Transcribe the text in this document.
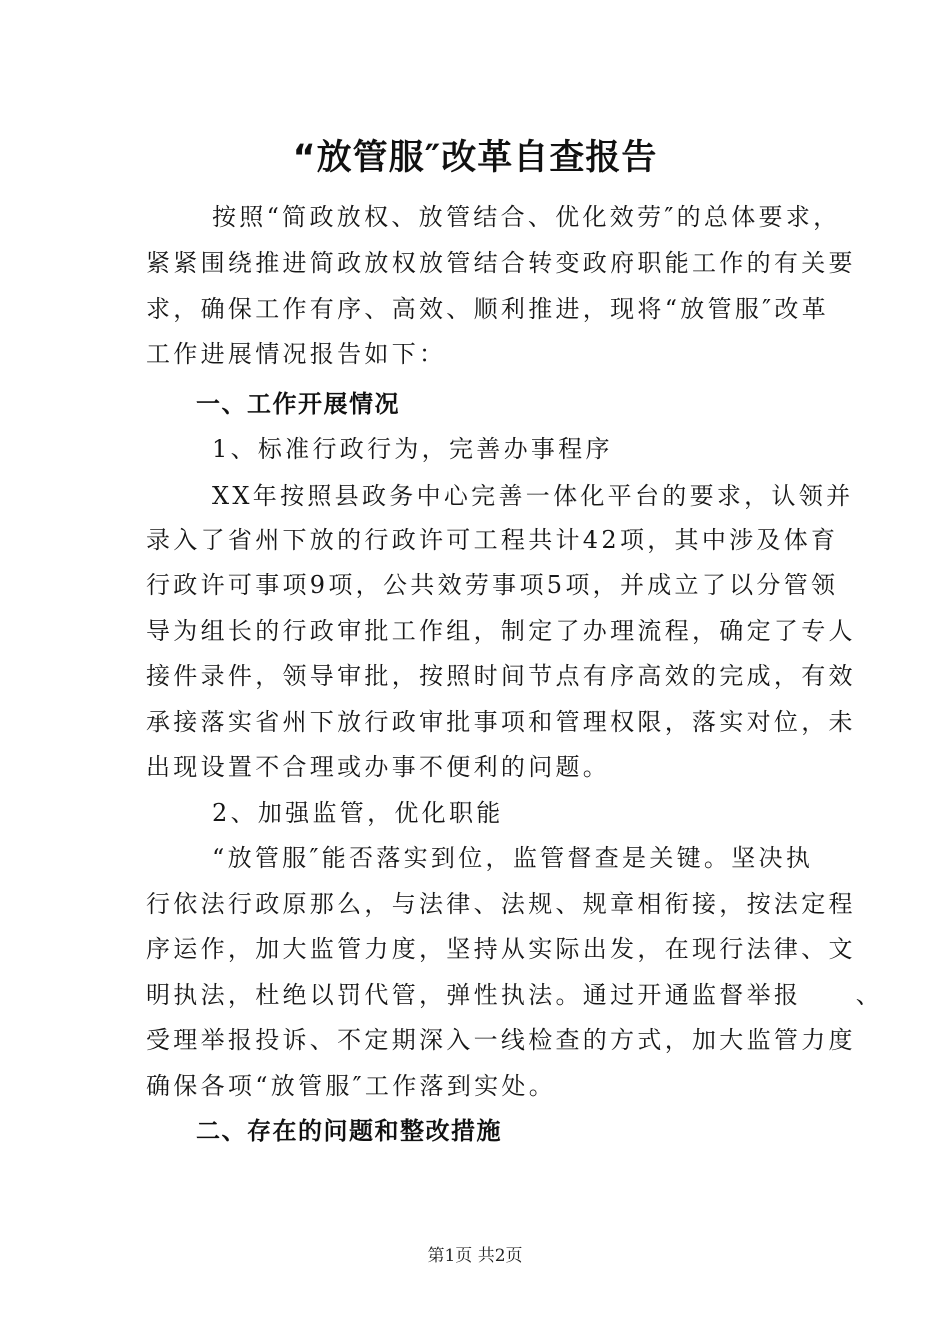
“放管服″改革自查报告
按照“简政放权、放管结合、优化效劳″的总体要求，
紧紧围绕推进简政放权放管结合转变政府职能工作的有关要
求，确保工作有序、高效、顺利推进，现将“放管服″改革
工作进展情况报告如下：
一、工作开展情况
1、标准行政行为，完善办事程序
XX年按照县政务中心完善一体化平台的要求，认领并
录入了省州下放的行政许可工程共计42项，其中涉及体育
行政许可事项9项，公共效劳事项5项，并成立了以分管领
导为组长的行政审批工作组，制定了办理流程，确定了专人
接件录件，领导审批，按照时间节点有序高效的完成，有效
承接落实省州下放行政审批事项和管理权限，落实对位，未
出现设置不合理或办事不便利的问题。
2、加强监管，优化职能
“放管服″能否落实到位，监管督查是关键。坚决执
行依法行政原那么，与法律、法规、规章相衔接，按法定程
序运作，加大监管力度，坚持从实际出发，在现行法律、文
明执法，杜绝以罚代管，弹性执法。通过开通监督举报　　、
受理举报投诉、不定期深入一线检查的方式，加大监管力度
确保各项“放管服″工作落到实处。
二、存在的问题和整改措施
第1页 共2页
